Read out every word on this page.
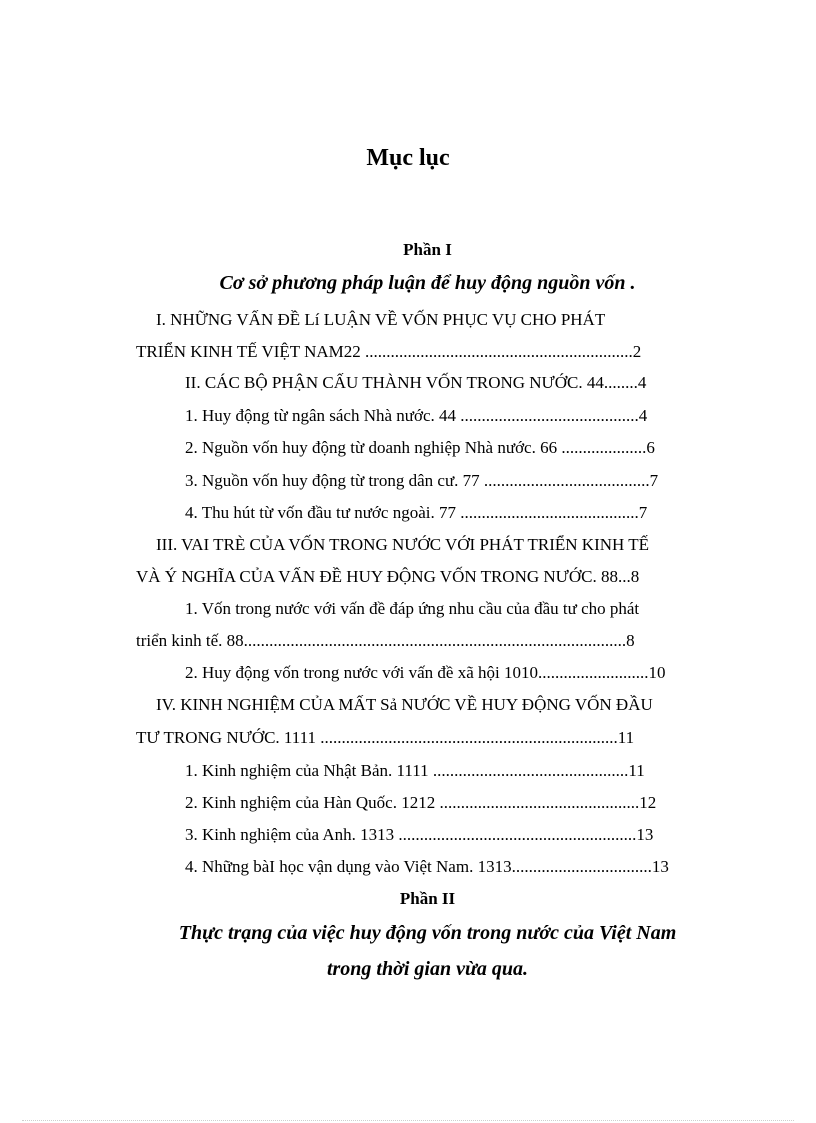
Mục lục
Phần I
Cơ sở phương pháp luận để huy động nguồn vốn .
I. NHỮNG VẤN ĐỀ Lí LUẬN VỀ VỐN PHỤC VỤ CHO PHÁT
TRIỂN KINH TẾ VIỆT NAM22 ...............................................................2
II. CÁC BỘ PHẬN CẤU THÀNH VỐN TRONG NƯỚC. 44........4
1. Huy động từ ngân sách Nhà nước. 44 ..........................................4
2. Nguồn vốn huy động từ doanh nghiệp Nhà nước. 66 ....................6
3. Nguồn vốn huy động từ trong dân cư. 77 .......................................7
4. Thu hút từ vốn đầu tư nước ngoài. 77 ..........................................7
III. VAI TRÈ CỦA VỐN TRONG NƯỚC VỚI PHÁT TRIỂN KINH TẾ
VÀ Ý NGHĨA CỦA VẤN ĐỀ HUY ĐỘNG VỐN TRONG NƯỚC. 88...8
1. Vốn trong nước với vấn đề đáp ứng nhu cầu của đầu tư cho phát
triển kinh tế. 88..........................................................................................8
2. Huy động vốn trong nước với vấn đề xã hội 1010..........................10
IV. KINH NGHIỆM CỦA MẤT Sả NƯỚC VỀ HUY ĐỘNG VỐN ĐẦU
TƯ TRONG NƯỚC. 1111 ......................................................................11
1. Kinh nghiệm của Nhật Bản. 1111 ..............................................11
2. Kinh nghiệm của Hàn Quốc. 1212 ...............................................12
3. Kinh nghiệm của Anh. 1313 ........................................................13
4. Những bàI học vận dụng vào Việt Nam. 1313.................................13
Phần II
Thực trạng của việc huy động vốn trong nước của Việt Nam
trong thời gian vừa qua.
